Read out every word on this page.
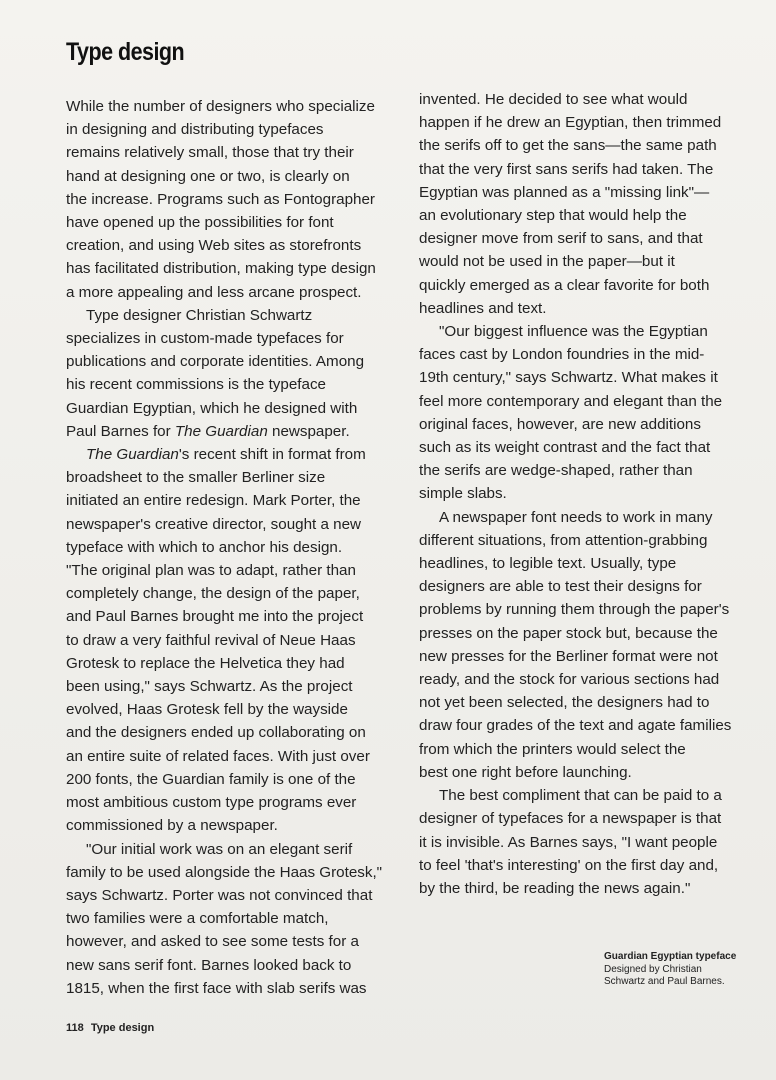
Type design

While the number of designers who specialize
in designing and distributing typefaces
remains relatively small, those that try their
hand at designing one or two, is clearly on
the increase. Programs such as Fontographer
have opened up the possibilities for font
creation, and using Web sites as storefronts
has facilitated distribution, making type design
a more appealing and less arcane prospect.

Type designer Christian Schwartz
specializes in custom-made typefaces for
publications and corporate identities. Among
his recent commissions is the typeface
Guardian Egyptian, which he designed with
Paul Barnes for The Guardian newspaper.

The Guardian's recent shift in format from
broadsheet to the smaller Berliner size
initiated an entire redesign. Mark Porter, the
newspaper's creative director, sought a new
typeface with which to anchor his design.
"The original plan was to adapt, rather than
completely change, the design of the paper,
and Paul Barnes brought me into the project
to draw a very faithful revival of Neue Haas
Grotesk to replace the Helvetica they had
been using," says Schwartz. As the project
evolved, Haas Grotesk fell by the wayside
and the designers ended up collaborating on
an entire suite of related faces. With just over
200 fonts, the Guardian family is one of the
most ambitious custom type programs ever
commissioned by a newspaper.

"Our initial work was on an elegant serif
family to be used alongside the Haas Grotesk,"
says Schwartz. Porter was not convinced that
two families were a comfortable match,
however, and asked to see some tests for a
new sans serif font. Barnes looked back to
1815, when the first face with slab serifs was

invented. He decided to see what would
happen if he drew an Egyptian, then trimmed
the serifs off to get the sans—the same path
that the very first sans serifs had taken. The
Egyptian was planned as a "missing link"—
an evolutionary step that would help the
designer move from serif to sans, and that
would not be used in the paper—but it
quickly emerged as a clear favorite for both
headlines and text.

"Our biggest influence was the Egyptian
faces cast by London foundries in the mid-
19th century," says Schwartz. What makes it
feel more contemporary and elegant than the
original faces, however, are new additions
such as its weight contrast and the fact that
the serifs are wedge-shaped, rather than
simple slabs.

A newspaper font needs to work in many
different situations, from attention-grabbing
headlines, to legible text. Usually, type
designers are able to test their designs for
problems by running them through the paper's
presses on the paper stock but, because the
new presses for the Berliner format were not
ready, and the stock for various sections had
not yet been selected, the designers had to
draw four grades of the text and agate families
from which the printers would select the
best one right before launching.

The best compliment that can be paid to a
designer of typefaces for a newspaper is that
it is invisible. As Barnes says, "I want people
to feel 'that's interesting' on the first day and,
by the third, be reading the news again."

Guardian Egyptian typeface
Designed by Christian
Schwartz and Paul Barnes.
118 Type design
